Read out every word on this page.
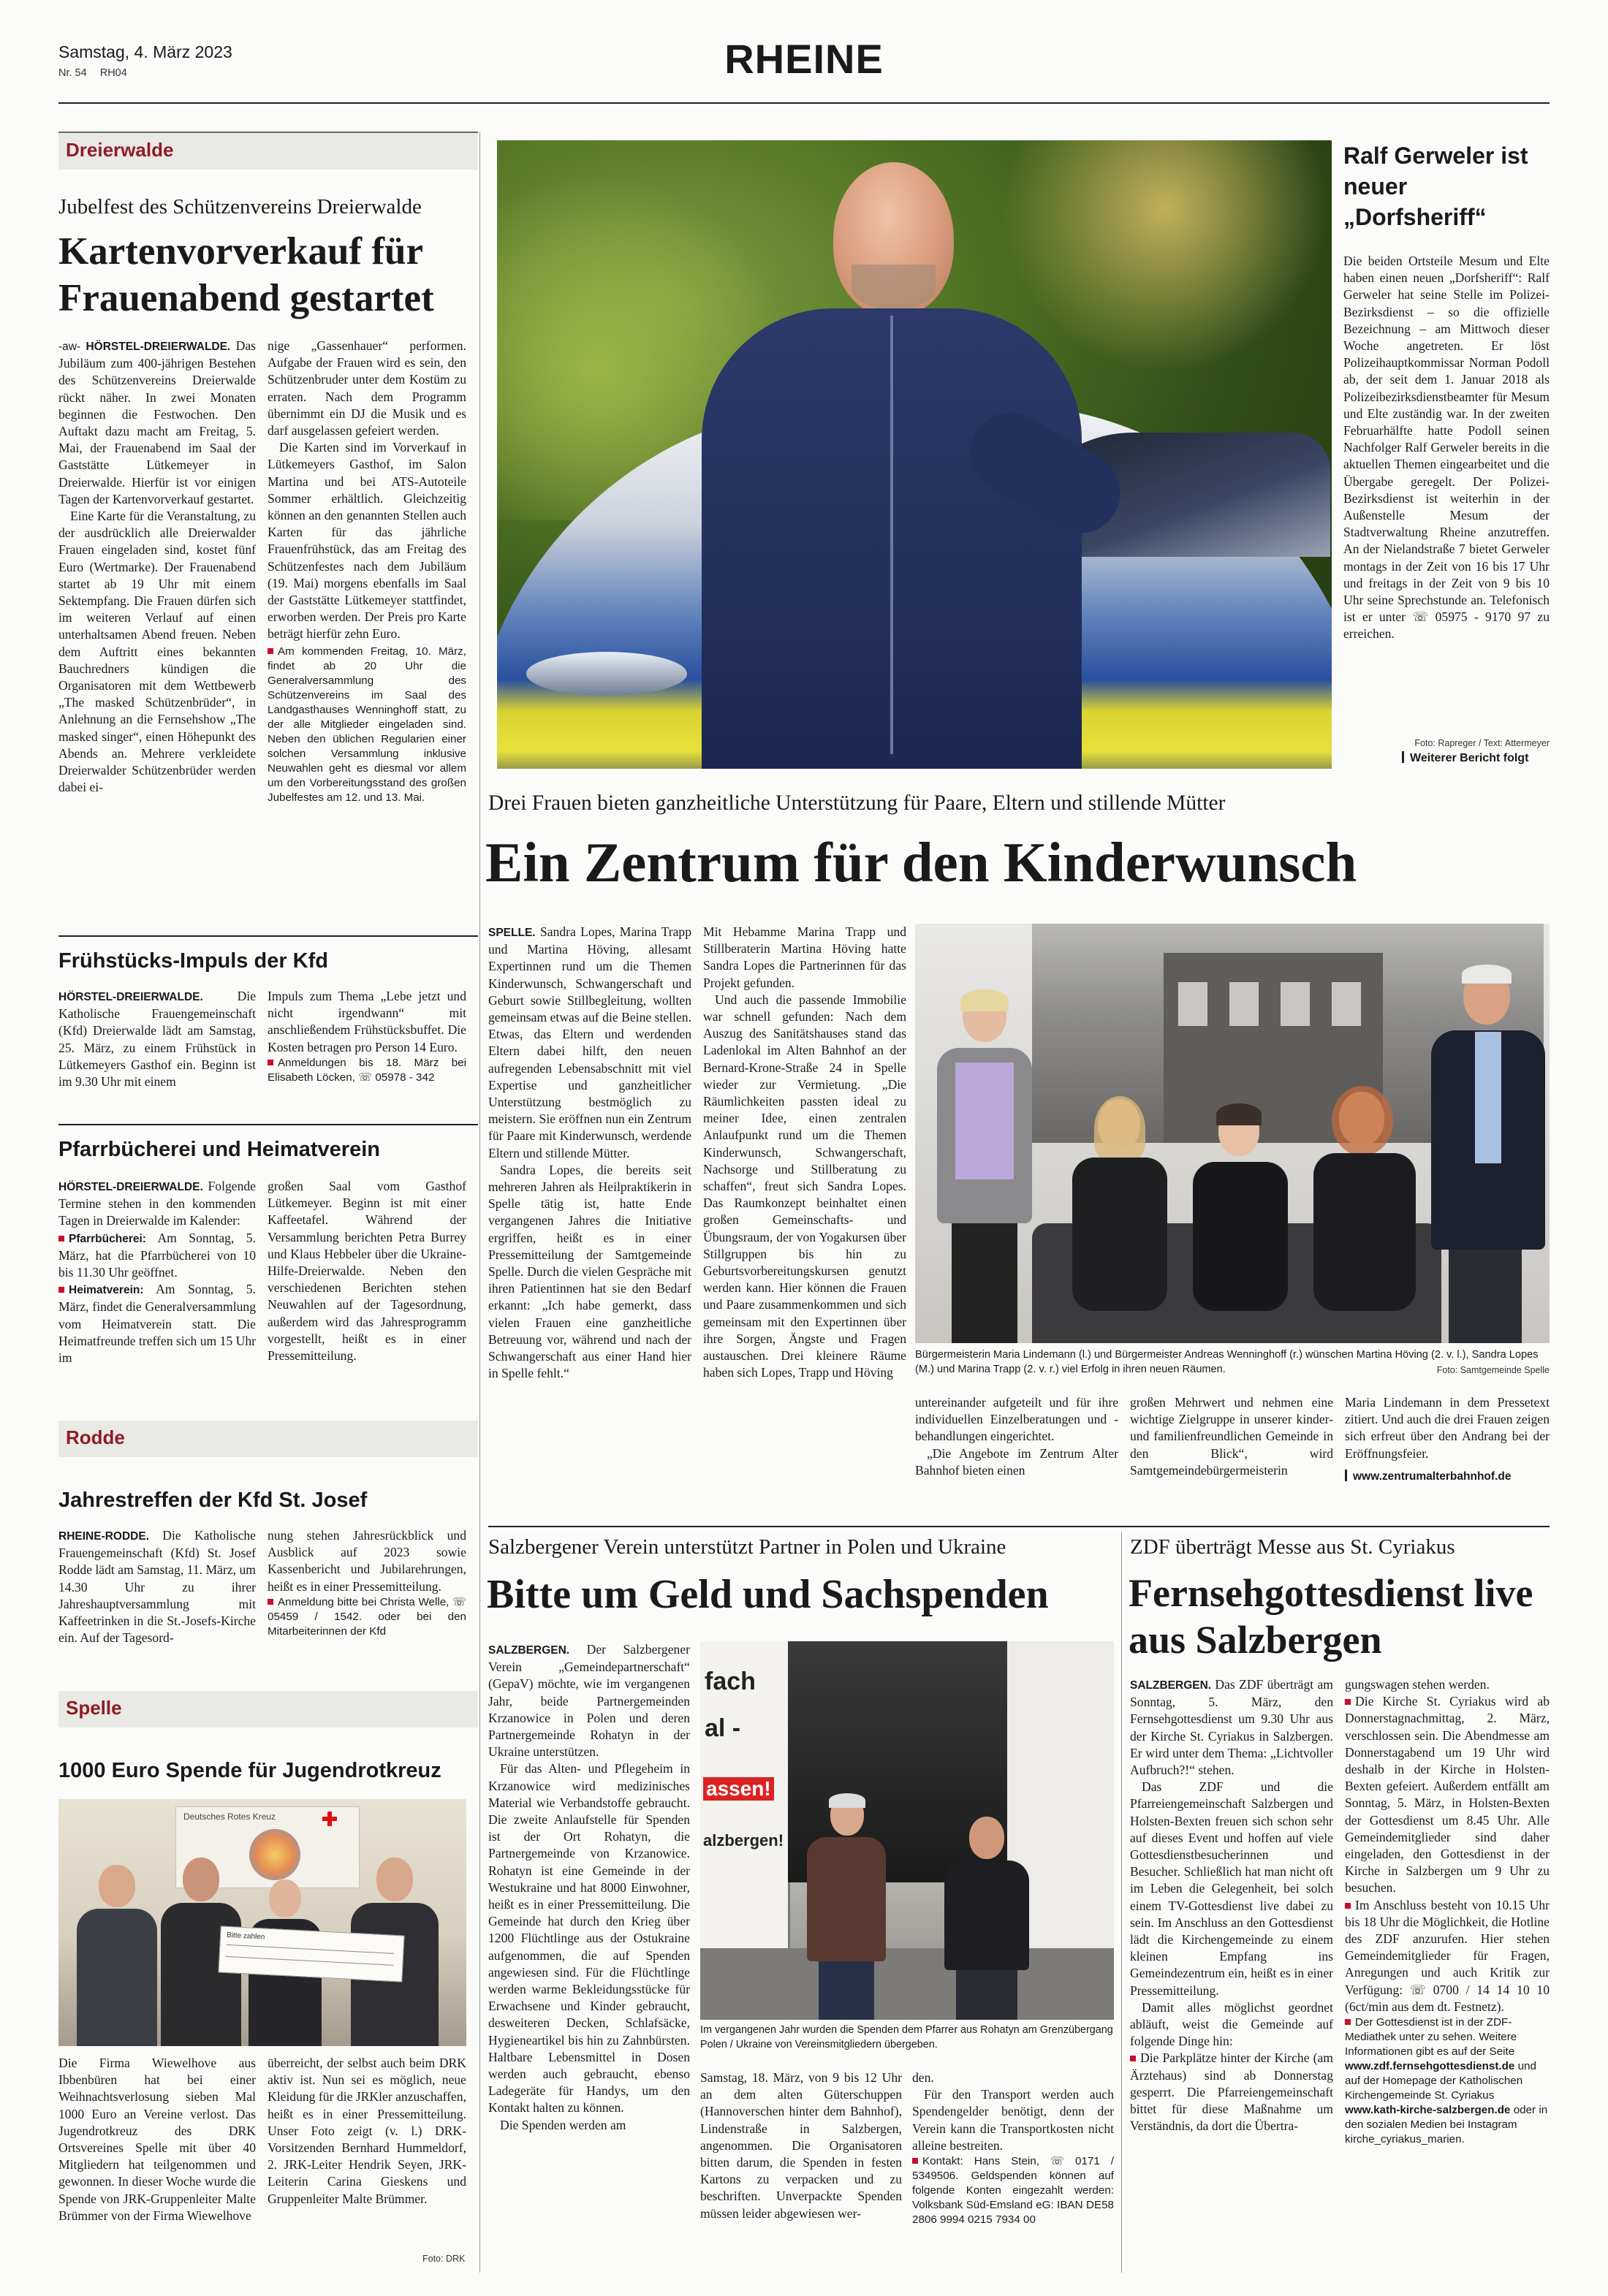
Samstag, 4. März 2023
Nr. 54 RH04	RHEINE
Dreierwalde
Jubelfest des Schützenvereins Dreierwalde
Kartenvorverkauf für Frauenabend gestartet

-aw- HÖRSTEL-DREIERWALDE. Das Jubiläum zum 400-jährigen Bestehen des Schützenvereins Dreierwalde rückt näher. In zwei Monaten beginnen die Festwochen. Den Auftakt dazu macht am Freitag, 5. Mai, der Frauenabend im Saal der Gaststätte Lütkemeyer in Dreierwalde. Hierfür ist vor einigen Tagen der Kartenvorverkauf gestartet.

Eine Karte für die Veranstaltung, zu der ausdrücklich alle Dreierwalder Frauen eingeladen sind, kostet fünf Euro (Wertmarke). Der Frauenabend startet ab 19 Uhr mit einem Sektempfang. Die Frauen dürfen sich im weiteren Verlauf auf einen unterhaltsamen Abend freuen. Neben dem Auftritt eines bekannten Bauchredners kündigen die Organisatoren mit dem Wettbewerb „The masked Schützenbrüder“, in Anlehnung an die Fernsehshow „The masked singer“, einen Höhepunkt des Abends an. Mehrere verkleidete Dreierwalder Schützenbrüder werden dabei ei-

nige „Gassenhauer“ performen. Aufgabe der Frauen wird es sein, den Schützenbruder unter dem Kostüm zu erraten. Nach dem Programm übernimmt ein DJ die Musik und es darf ausgelassen gefeiert werden.

Die Karten sind im Vorverkauf in Lütkemeyers Gasthof, im Salon Martina und bei ATS-Autoteile Sommer erhältlich. Gleichzeitig können an den genannten Stellen auch Karten für das jährliche Frauenfrühstück, das am Freitag des Schützenfestes nach dem Jubiläum (19. Mai) morgens ebenfalls im Saal der Gaststätte Lütkemeyer stattfindet, erworben werden. Der Preis pro Karte beträgt hierfür zehn Euro.

Am kommenden Freitag, 10. März, findet ab 20 Uhr die Generalversammlung des Schützenvereins im Saal des Landgasthauses Wenninghoff statt, zu der alle Mitglieder eingeladen sind. Neben den üblichen Regularien einer solchen Versammlung inklusive Neuwahlen geht es diesmal vor allem um den Vorbereitungsstand des großen Jubelfestes am 12. und 13. Mai.

Frühstücks-Impuls der Kfd

HÖRSTEL-DREIERWALDE.	Die Katholische Frauengemeinschaft (Kfd) Dreierwalde lädt am Samstag, 25. März, zu einem Frühstück in Lütkemeyers Gasthof ein. Beginn ist im 9.30 Uhr mit einem

Impuls zum Thema „Lebe jetzt und nicht irgendwann“ mit anschließendem Frühstücksbuffet. Die Kosten betragen pro Person 14 Euro.

Anmeldungen bis 18. März bei Elisabeth Löcken, ☏ 05978 - 342

Pfarrbücherei und Heimatverein

HÖRSTEL-DREIERWALDE. Folgende Termine stehen in den kommenden Tagen in Dreierwalde im Kalender:

Pfarrbücherei: Am Sonntag, 5. März, hat die Pfarrbücherei von 10 bis 11.30 Uhr geöffnet.

Heimatverein: Am Sonntag, 5. März, findet die Generalversammlung vom Heimatverein statt. Die Heimatfreunde treffen sich um 15 Uhr im

großen Saal vom Gasthof Lütkemeyer. Beginn ist mit einer Kaffeetafel. Während der Versammlung berichten Petra Burrey und Klaus Hebbeler über die Ukraine-Hilfe-Dreierwalde. Neben den verschiedenen Berichten stehen Neuwahlen auf der Tagesordnung, außerdem wird das Jahresprogramm vorgestellt, heißt es in einer Pressemitteilung.

Rodde
Jahrestreffen der Kfd St. Josef

RHEINE-RODDE. Die Katholische Frauengemeinschaft (Kfd) St. Josef Rodde lädt am Samstag, 11. März, um 14.30 Uhr zu ihrer Jahreshauptversammlung mit Kaffeetrinken in die St.-Josefs-Kirche ein. Auf der Tagesord-

nung stehen Jahresrückblick und Ausblick auf 2023 sowie Kassenbericht und Jubilarehrungen, heißt es in einer Pressemitteilung.

Anmeldung bitte bei Christa Welle, ☏ 05459 / 1542. oder bei den Mitarbeiterinnen der Kfd

Spelle
1000 Euro Spende für Jugendrotkreuz
Deutsches Rotes Kreuz
Bitte zahlen

Die Firma Wiewelhove aus Ibbenbüren hat bei einer Weihnachtsverlosung sieben Mal 1000 Euro an Vereine verlost. Das Jugendrotkreuz des DRK Ortsvereines Spelle mit über 40 Mitgliedern hat teilgenommen und gewonnen. In dieser Woche wurde die Spende von JRK-Gruppenleiter Malte Brümmer von der Firma Wiewelhove

überreicht, der selbst auch beim DRK aktiv ist. Nun sei es möglich, neue Kleidung für die JRKler anzuschaffen, heißt es in einer Pressemitteilung. Unser Foto zeigt (v. l.) DRK-Vorsitzenden Bernhard Hummeldorf, 2. JRK-Leiter Hendrik Seyen, JRK-Leiterin Carina Gieskens und Gruppenleiter Malte Brümmer.

Foto: DRK
Ralf Gerweler ist neuer „Dorfsheriff“

Die beiden Ortsteile Mesum und Elte haben einen neuen „Dorfsheriff“: Ralf Gerweler hat seine Stelle im Polizei-Bezirksdienst – so die offizielle Bezeichnung – am Mittwoch dieser Woche angetreten. Er löst Polizeihauptkommissar Norman Podoll ab, der seit dem 1. Januar 2018 als Polizeibezirksdienstbeamter für Mesum und Elte zuständig war. In der zweiten Februarhälfte hatte Podoll seinen Nachfolger Ralf Gerweler bereits in die aktuellen Themen eingearbeitet und die Übergabe geregelt. Der Polizei-Bezirksdienst ist weiterhin in der Außenstelle Mesum der Stadtverwaltung Rheine anzutreffen. An der Nielandstraße 7 bietet Gerweler montags in der Zeit von 16 bis 17 Uhr und freitags in der Zeit von 9 bis 10 Uhr seine Sprechstunde an. Telefonisch ist er unter ☏ 05975 - 9170 97 zu erreichen.

Foto: Rapreger / Text: Attermeyer
Weiterer Bericht folgt
Drei Frauen bieten ganzheitliche Unterstützung für Paare, Eltern und stillende Mütter
Ein Zentrum für den Kinderwunsch

SPELLE. Sandra Lopes, Marina Trapp und Martina Höving, allesamt Expertinnen rund um die Themen Kinderwunsch, Schwangerschaft und Geburt sowie Stillbegleitung, wollten gemeinsam etwas auf die Beine stellen. Etwas, das Eltern und werdenden Eltern dabei hilft, den neuen aufregenden Lebensabschnitt mit viel Expertise und ganzheitlicher Unterstützung bestmöglich zu meistern. Sie eröffnen nun ein Zentrum für Paare mit Kinderwunsch, werdende Eltern und stillende Mütter.

Sandra Lopes, die bereits seit mehreren Jahren als Heilpraktikerin in Spelle tätig ist, hatte Ende vergangenen Jahres die Initiative ergriffen, heißt es in einer Pressemitteilung der Samtgemeinde Spelle. Durch die vielen Gespräche mit ihren Patientinnen hat sie den Bedarf erkannt: „Ich habe gemerkt, dass vielen Frauen eine ganzheitliche Betreuung vor, während und nach der Schwangerschaft aus einer Hand hier in Spelle fehlt.“

Mit Hebamme Marina Trapp und Stillberaterin Martina Höving hatte Sandra Lopes die Partnerinnen für das Projekt gefunden.

Und auch die passende Immobilie war schnell gefunden: Nach dem Auszug des Sanitätshauses stand das Ladenlokal im Alten Bahnhof an der Bernard-Krone-Straße 24 in Spelle wieder zur Vermietung. „Die Räumlichkeiten passten ideal zu meiner Idee, einen zentralen Anlaufpunkt rund um die Themen Kinderwunsch, Schwangerschaft, Nachsorge und Stillberatung zu schaffen“, freut sich Sandra Lopes. Das Raumkonzept beinhaltet einen großen Gemeinschafts- und Übungsraum, der von Yogakursen über Stillgruppen bis hin zu Geburtsvorbereitungskursen genutzt werden kann. Hier können die Frauen und Paare zusammenkommen und sich gemeinsam mit den Expertinnen über ihre Sorgen, Ängste und Fragen austauschen. Drei kleinere Räume haben sich Lopes, Trapp und Höving

Bürgermeisterin Maria Lindemann (l.) und Bürgermeister Andreas Wenninghoff (r.) wünschen Martina Höving (2. v. l.), Sandra Lopes (M.) und Marina Trapp (2. v. r.) viel Erfolg in ihren neuen Räumen.	Foto: Samtgemeinde Spelle

untereinander aufgeteilt und für ihre individuellen Einzelberatungen und -behandlungen eingerichtet.

„Die Angebote im Zentrum Alter Bahnhof bieten einen

großen Mehrwert und nehmen eine wichtige Zielgruppe in unserer kinder- und familienfreundlichen Gemeinde in den Blick“, wird Samtgemeindebürgermeisterin

Maria Lindemann in dem Pressetext zitiert. Und auch die drei Frauen zeigen sich erfreut über den Andrang bei der Eröffnungsfeier.

www.zentrumalterbahnhof.de

Salzbergener Verein unterstützt Partner in Polen und Ukraine
Bitte um Geld und Sachspenden

SALZBERGEN. Der Salzbergener Verein „Gemeindepartnerschaft“ (GepaV) möchte, wie im vergangenen Jahr, beide Partnergemeinden Krzanowice in Polen und deren Partnergemeinde Rohatyn in der Ukraine unterstützen.

Für das Alten- und Pflegeheim in Krzanowice wird medizinisches Material wie Verbandstoffe gebraucht. Die zweite Anlaufstelle für Spenden ist der Ort Rohatyn, die Partnergemeinde von Krzanowice. Rohatyn ist eine Gemeinde in der Westukraine und hat 8000 Einwohner, heißt es in einer Pressemitteilung. Die Gemeinde hat durch den Krieg über 1200 Flüchtlinge aus der Ostukraine aufgenommen, die auf Spenden angewiesen sind. Für die Flüchtlinge werden warme Bekleidungsstücke für Erwachsene und Kinder gebraucht, desweiteren Decken, Schlafsäcke, Hygieneartikel bis hin zu Zahnbürsten. Haltbare Lebensmittel in Dosen werden auch gebraucht, ebenso Ladegeräte für Handys, um den Kontakt halten zu können.

Die Spenden werden am

fach
al -
assen!
alzbergen!
Im vergangenen Jahr wurden die Spenden dem Pfarrer aus Rohatyn am Grenzübergang Polen / Ukraine von Vereinsmitgliedern übergeben.

Samstag, 18. März, von 9 bis 12 Uhr an dem alten Güterschuppen (Hannoverschen hinter dem Bahnhof), Lindenstraße in Salzbergen, angenommen. Die Organisatoren bitten darum, die Spenden in festen Kartons zu verpacken und zu beschriften. Unverpackte Spenden müssen leider abgewiesen wer-

den.

Für den Transport werden auch Spendengelder benötigt, denn der Verein kann die Transportkosten nicht alleine bestreiten.

Kontakt: Hans Stein, ☏ 0171 / 5349506. Geldspenden können auf folgende Konten eingezahlt werden: Volksbank Süd-Emsland eG: IBAN DE58 2806 9994 0215 7934 00

ZDF überträgt Messe aus St. Cyriakus
Fernsehgottesdienst live aus Salzbergen

SALZBERGEN. Das ZDF überträgt am Sonntag, 5. März, den Fernsehgottesdienst um 9.30 Uhr aus der Kirche St. Cyriakus in Salzbergen. Er wird unter dem Thema: „Lichtvoller Aufbruch?!“ stehen.

Das ZDF und die Pfarreiengemeinschaft Salzbergen und Holsten-Bexten freuen sich schon sehr auf dieses Event und hoffen auf viele Gottesdienstbesucherinnen und Besucher. Schließlich hat man nicht oft im Leben die Gelegenheit, bei solch einem TV-Gottesdienst live dabei zu sein. Im Anschluss an den Gottesdienst lädt die Kirchengemeinde zu einem kleinen Empfang ins Gemeindezentrum ein, heißt es in einer Pressemitteilung.

Damit alles möglichst geordnet abläuft, weist die Gemeinde auf folgende Dinge hin:

Die Parkplätze hinter der Kirche (am Ärztehaus) sind ab Donnerstag gesperrt. Die Pfarreiengemeinschaft bittet für diese Maßnahme um Verständnis, da dort die Übertra-

gungswagen stehen werden.

Die Kirche St. Cyriakus wird ab Donnerstagnachmittag, 2. März, verschlossen sein. Die Abendmesse am Donnerstagabend um 19 Uhr wird deshalb in der Kirche in Holsten-Bexten gefeiert. Außerdem entfällt am Sonntag, 5. März, in Holsten-Bexten der Gottesdienst um 8.45 Uhr. Alle Gemeindemitglieder sind daher eingeladen, den Gottesdienst in der Kirche in Salzbergen um 9 Uhr zu besuchen.

Im Anschluss besteht von 10.15 Uhr bis 18 Uhr die Möglichkeit, die Hotline des ZDF anzurufen. Hier stehen Gemeindemitglieder für Fragen, Anregungen und auch Kritik zur Verfügung: ☏ 0700 / 14 14 10 10 (6ct/min aus dem dt. Festnetz).

Der Gottesdienst ist in der ZDF-Mediathek unter zu sehen. Weitere Informationen gibt es auf der Seite www.zdf.fernsehgottesdienst.de und auf der Homepage der Katholischen Kirchengemeinde St. Cyriakus www.kath-kirche-salzbergen.de oder in den sozialen Medien bei Instagram kirche_cyriakus_marien.
